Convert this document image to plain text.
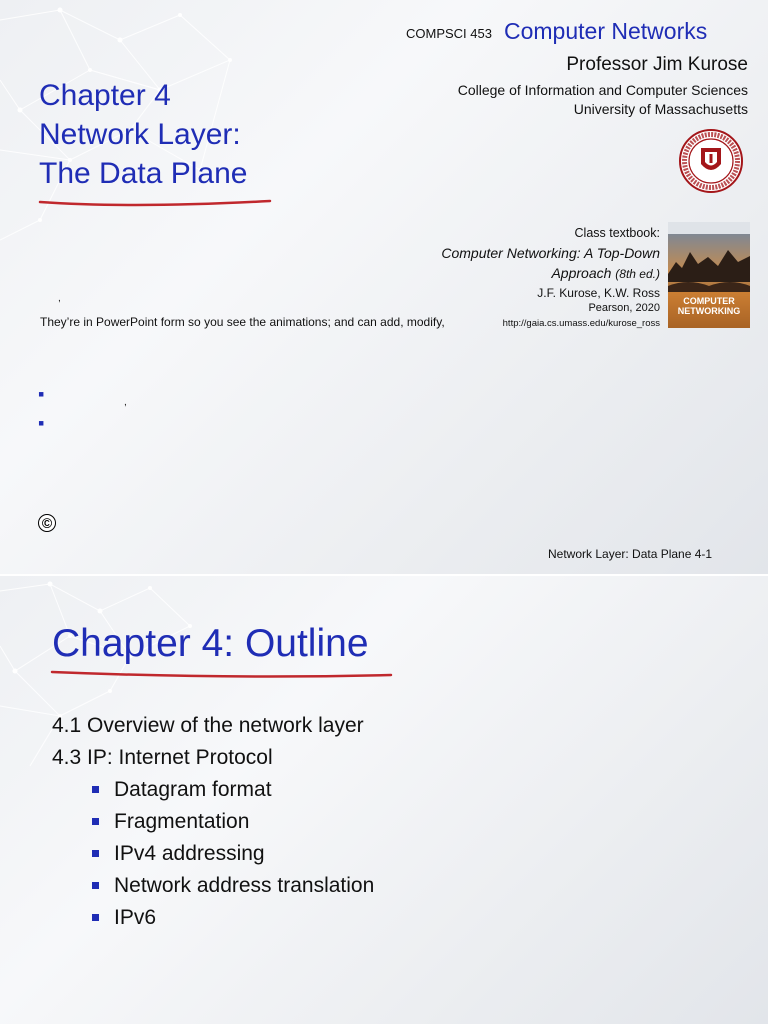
COMPSCI 453 Computer Networks
Professor Jim Kurose
College of Information and Computer Sciences
University of Massachusetts
Chapter 4
Network Layer:
The Data Plane
Class textbook:
Computer Networking: A Top-Down Approach (8th ed.)
J.F. Kurose, K.W. Ross
Pearson, 2020
http://gaia.cs.umass.edu/kurose_ross
COMPUTER
NETWORKING
,
They’re in PowerPoint form so you see the animations; and can add, modify,
▪	,
▪
©
Network Layer: Data Plane 4-1
Chapter 4: Outline
4.1 Overview of the network layer
4.3 IP: Internet Protocol
Datagram format
Fragmentation
IPv4 addressing
Network address translation
IPv6
